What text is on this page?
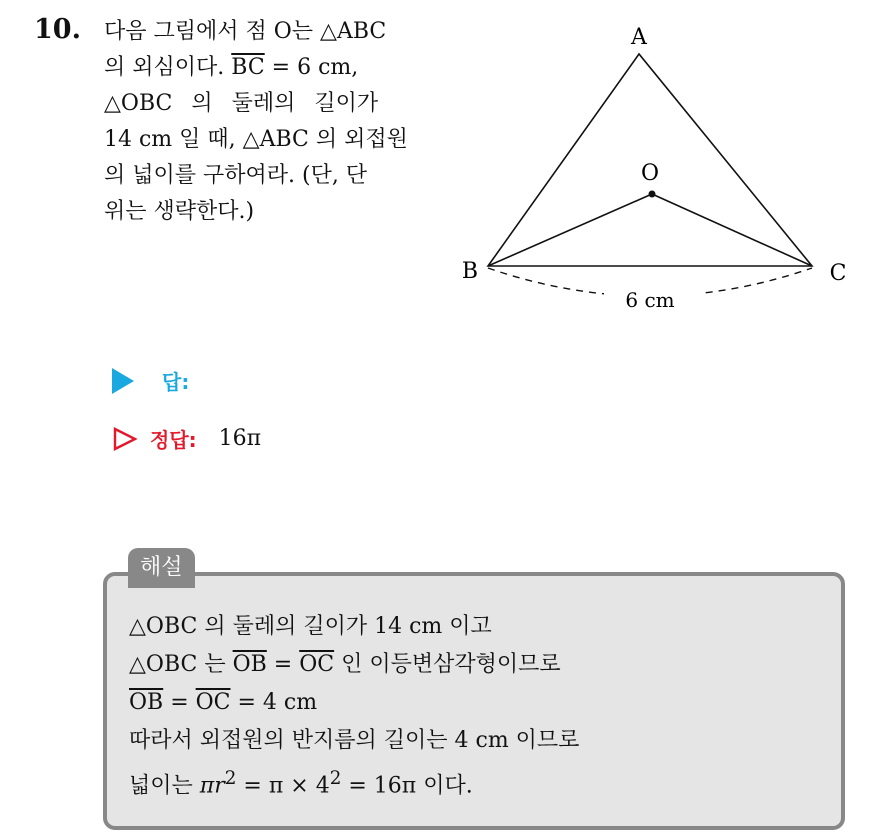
10. 다음 그림에서 점 O는 △ABC
의 외심이다. $\overline{BC} = 6$ cm,
△OBC 의 둘레의 길이가
14 cm 일 때, △ABC 의 외접원
의 넓이를 구하여라. (단, 단
위는 생략한다.)
A
B	C
O
6 cm
답:
정답: 16π
해설
△OBC 의 둘레의 길이가 14 cm 이고
△OBC 는 $\overline{OB} = \overline{OC}$ 인 이등변삼각형이므로
$\overline{OB} = \overline{OC} = 4$ cm
따라서 외접원의 반지름의 길이는 4 cm 이므로
넓이는 $\pi r^2 = \pi \times 4^2 = 16\pi$ 이다.
